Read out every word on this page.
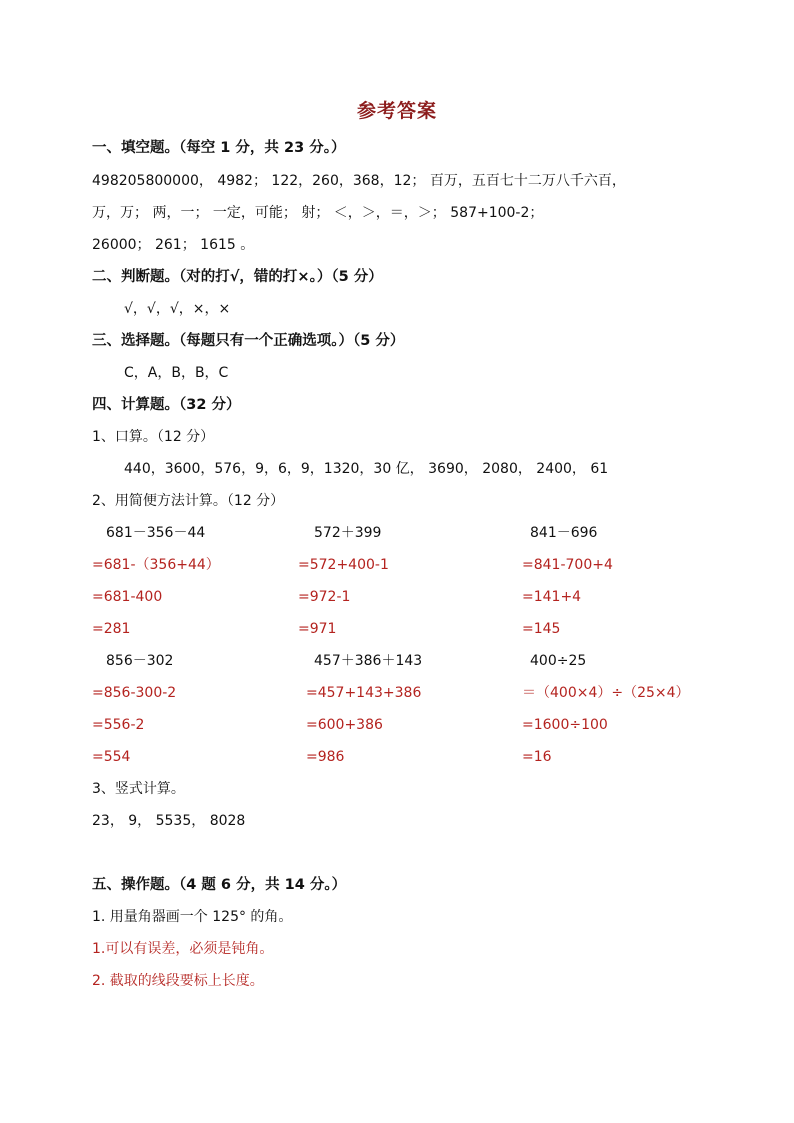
参考答案
一、填空题。（每空 1 分，共 23 分。）
498205800000， 4982； 122，260，368，12； 百万，五百七十二万八千六百，
万，万； 两，一； 一定，可能； 射； ＜，＞，＝，＞； 587+100-2；
26000； 261； 1615 。
二、判断题。（对的打√，错的打×。）（5 分）
√，√，√，×，×
三、选择题。（每题只有一个正确选项。）（5 分）
C，A，B，B，C
四、计算题。（32 分）
1、口算。（12 分）
440，3600，576，9，6，9，1320，30 亿， 3690， 2080， 2400， 61
2、用简便方法计算。（12 分）
681－356－44
=681-（356+44）
=681-400
=281
572＋399
=572+400-1
=972-1
=971
841－696
=841-700+4
=141+4
=145
856－302
=856-300-2
=556-2
=554
457＋386＋143
=457+143+386
=600+386
=986
400÷25
＝（400×4）÷（25×4）
=1600÷100
=16
3、竖式计算。
23， 9， 5535， 8028
五、操作题。（4 题 6 分，共 14 分。）
1. 用量角器画一个 125° 的角。
1.可以有误差，必须是钝角。
2. 截取的线段要标上长度。
